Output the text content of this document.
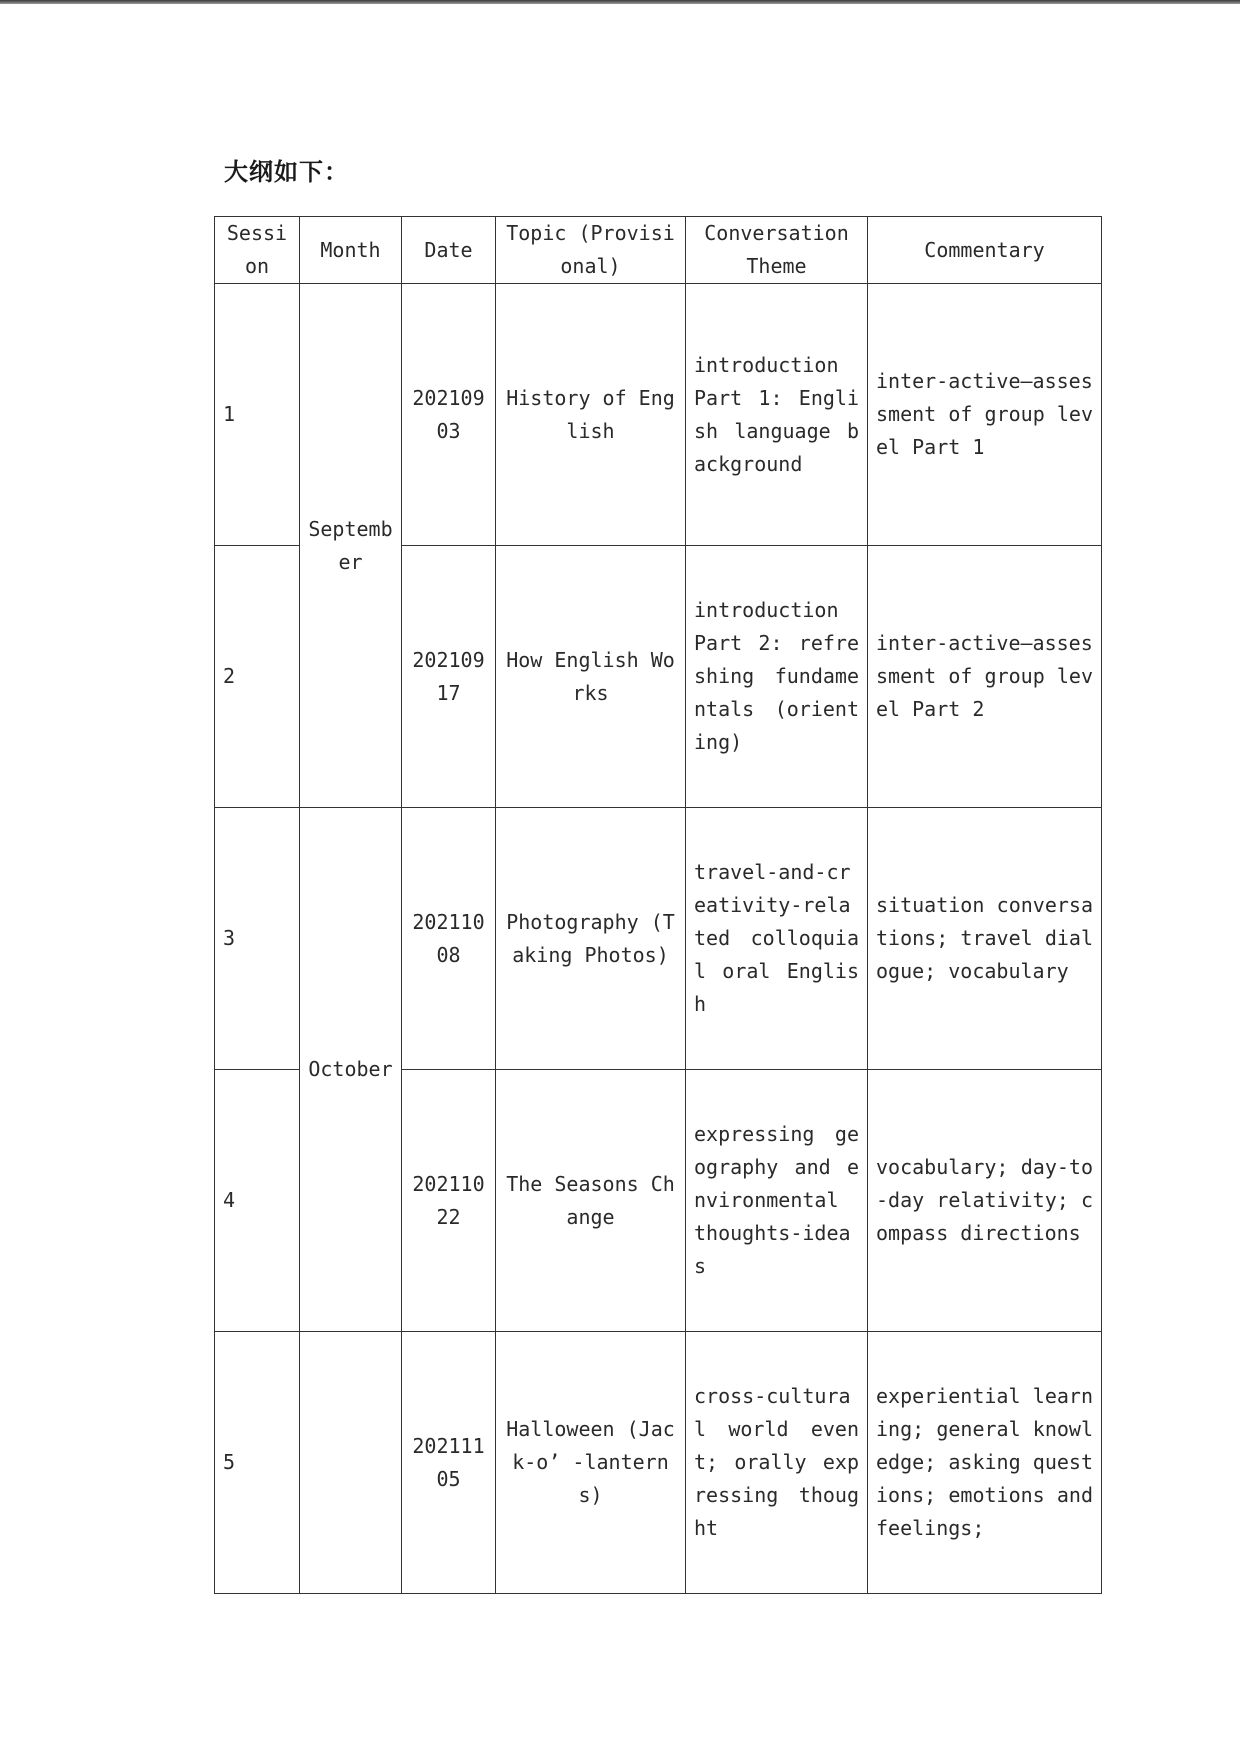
大纲如下：
Session	Month	Date	Topic (Provisional)	Conversation Theme	Commentary
1	September	20210903	History of English	introduction Part 1: English language background	inter-active—assessment of group level Part 1
2		20210917	How English Works	introduction Part 2: refreshing fundamentals (orienting)	inter-active—assessment of group level Part 2
3	October	20211008	Photography (Taking Photos)	travel-and-creativity-related colloquial oral English	situation conversations; travel dialogue; vocabulary
4		20211022	The Seasons Change	expressing geography and environmental thoughts-ideas	vocabulary; day-to-day relativity; compass directions
5		20211105	Halloween (Jack-o’ -lanterns)	cross-cultural world event; orally expressing thought	experiential learning; general knowledge; asking questions; emotions and feelings;
